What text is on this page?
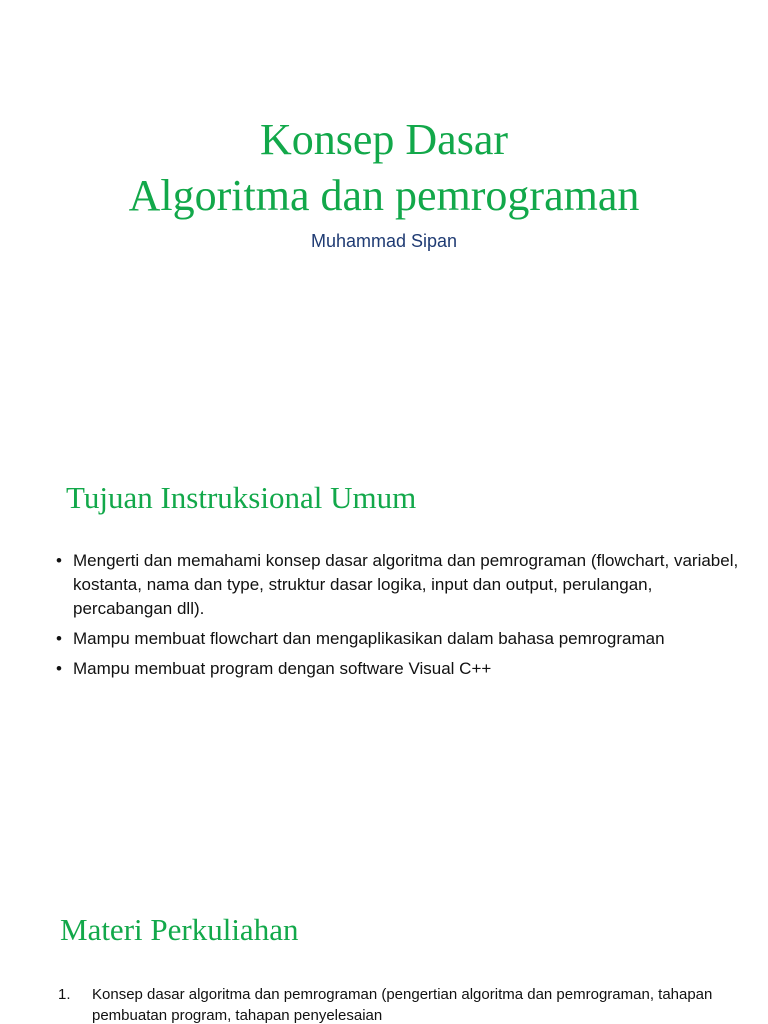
Konsep Dasar
Algoritma dan pemrograman
Muhammad Sipan
Tujuan Instruksional Umum
• Mengerti dan memahami konsep dasar algoritma dan pemrograman (flowchart, variabel, kostanta, nama dan type, struktur dasar logika, input dan output, perulangan, percabangan dll).
• Mampu membuat flowchart dan mengaplikasikan dalam bahasa pemrograman
• Mampu membuat program dengan software Visual C++
Materi Perkuliahan
1. Konsep dasar algoritma dan pemrograman (pengertian algoritma dan pemrograman, tahapan pembuatan program, tahapan penyelesaian
